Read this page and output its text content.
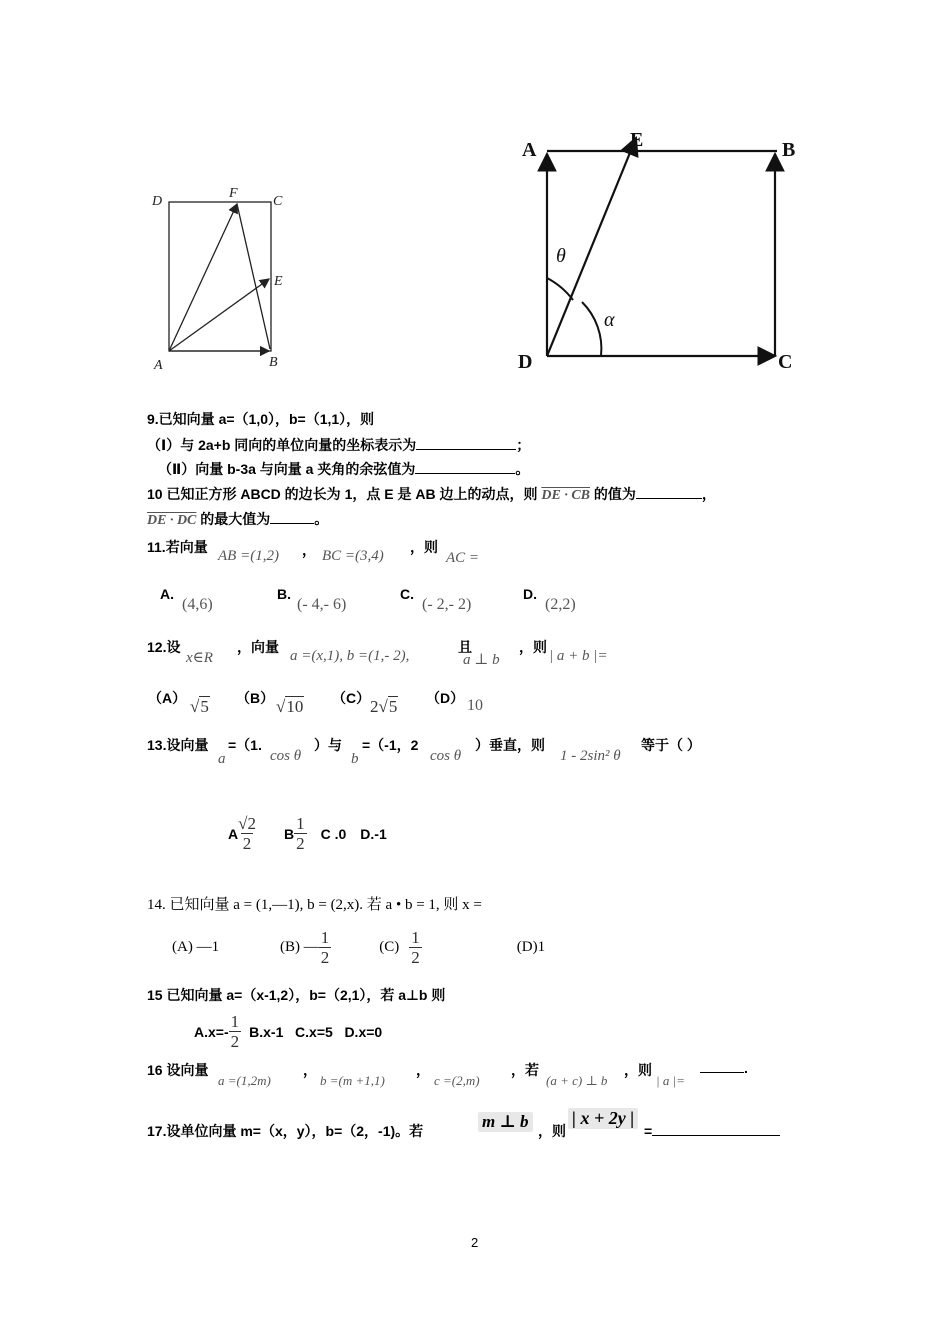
D
F
C
E
A	B
A	E	B
D	C
θ
α
9.已知向量 a=（1,0），b=（1,1），则
（Ⅰ）与 2a+b 同向的单位向量的坐标表示为	；
（Ⅱ）向量 b-3a 与向量 a 夹角的余弦值为	。
10 已知正方形 ABCD 的边长为 1，点 E 是 AB 边上的动点，则 DE · CB 的值为	，
DE · DC 的最大值为	。
11.若向量
AB =(1,2) ， BC =(3,4)
，则
AC =
A.
(4,6)
B.
(- 4,- 6)
C.
(- 2,- 2)
D.
(2,2)
12.设
x∈R
，向量
a =(x,1), b =(1,- 2),
且
a ⊥ b
，则
| a + b |=
（A） √5 （B） √10 （C） 2√5 （D） 10
13.设向量
a
=（1.
cos θ
）与
b
=（-1，2
cos θ
）垂直，则
1 - 2sin² θ
等于（ ）
A $\frac{√2}{2}$ B $\frac{1}{2}$ C .0 D.-1
14. 已知向量 a = (1,—1), b = (2,x). 若 a • b = 1, 则 x =
(A) —1	(B) — $\frac{1}{2}$	$(C) \frac{1}{2}$	(D)1
15 已知向量 a=（x-1,2），b=（2,1），若 a⊥b 则
$A.x=- \frac{1}{2} B.x-1$   C.x=5   D.x=0
16 设向量
a =(1,2m)
，
b =(m +1,1)
，
c =(2,m)
，若
(a + c) ⊥ b
，则
| a |=
.
17.设单位向量 m=（x，y），b=（2，-1)。若	m ⊥ b ，则
| x + 2y |
=
2
